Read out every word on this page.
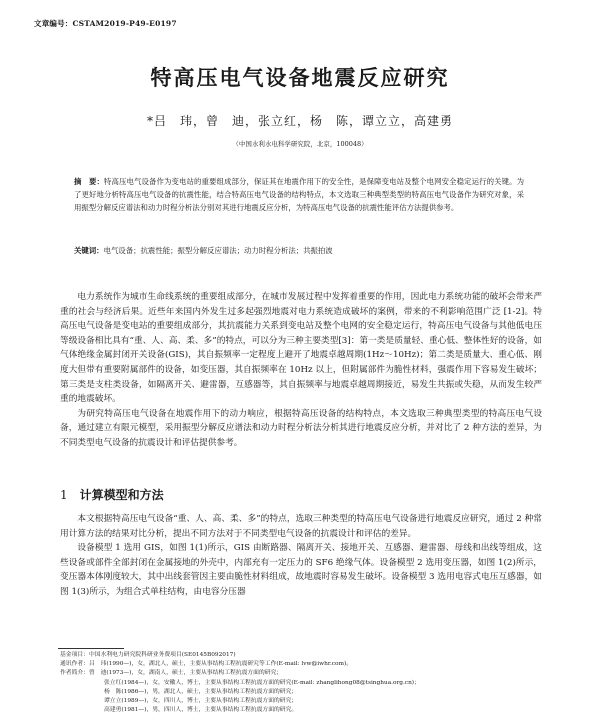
文章编号：CSTAM2019-P49-E0197
特高压电气设备地震反应研究
*吕　玮，曾　迪，张立红，杨　陈，谭立立，高建勇
（中国水利水电科学研究院，北京，100048）
摘　要：特高压电气设备作为变电站的重要组成部分，保证其在地震作用下的安全性，是保障变电站及整个电网安全稳定运行的关键。为了更好地分析特高压电气设备的抗震性能，结合特高压电气设备的结构特点，本文选取三种典型类型的特高压电气设备作为研究对象，采用振型分解反应谱法和动力时程分析法分别对其进行地震反应分析，为特高压电气设备的抗震性能评估方法提供参考。
关键词：电气设备；抗震性能；振型分解反应谱法；动力时程分析法；共振拍波

电力系统作为城市生命线系统的重要组成部分，在城市发展过程中发挥着重要的作用，因此电力系统功能的破坏会带来严重的社会与经济后果。近些年来国内外发生过多起强烈地震对电力系统造成破坏的案例，带来的不利影响范围广泛 [1-2]。特高压电气设备是变电站的重要组成部分，其抗震能力关系到变电站及整个电网的安全稳定运行，特高压电气设备与其他低电压等级设备相比具有“重、人、高、柔、多”的特点，可以分为三种主要类型[3]：第一类是质量轻、重心低、整体性好的设备，如气体绝缘金属封闭开关设备(GIS)，其自振频率一定程度上避开了地震卓越周期(1Hz～10Hz)；第二类是质量大、重心低、刚度大但带有重要附属部件的设备，如变压器，其自振频率在 10Hz 以上，但附属部件为脆性材料，强震作用下容易发生破坏；第三类是支柱类设备，如隔离开关、避雷器，互感器等，其自振频率与地震卓越周期接近，易发生共振或失稳，从而发生较严重的地震破坏。

为研究特高压电气设备在地震作用下的动力响应，根据特高压设备的结构特点，本文选取三种典型类型的特高压电气设备，通过建立有限元模型，采用振型分解反应谱法和动力时程分析法分析其进行地震反应分析，并对比了 2 种方法的差异，为不同类型电气设备的抗震设计和评估提供参考。

1 计算模型和方法

本文根据特高压电气设备“重、人、高、柔、多”的特点，选取三种类型的特高压电气设备进行地震反应研究，通过 2 种常用计算方法的结果对比分析，提出不同方法对于不同类型电气设备的抗震设计和评估的差异。

设备模型 1 选用 GIS，如图 1(1)所示，GIS 由断路器、隔离开关、接地开关、互感器、避雷器、母线和出线等组成，这些设备或部件全部封闭在金属接地的外壳中，内部充有一定压力的 SF6 绝缘气体。设备模型 2 选用变压器，如图 1(2)所示，变压器本体刚度较大，其中出线套管因主要由脆性材料组成，故地震时容易发生破坏。设备模型 3 选用电容式电压互感器，如图 1(3)所示，为组合式单柱结构，由电容分压器

基金项目：中国水利电力研究院科研业务费项目(SE0145B092017)
通讯作者：吕　玮(1990—)，女，湖北人，硕士，主要从事结构工程抗震研究等工作(E-mail: lvw@iwhr.com)。
作者简介：曾　迪(1973—)，女，湖南人，硕士，主要从事结构工程抗震方面的研究；
张立红(1984—)，女，安徽人，博士，主要从事结构工程抗震方面的研究(E-mail: zhanglihong08@tsinghua.org.cn)；
杨　陈(1986—)，男，湖北人，硕士，主要从事结构工程抗震方面的研究；
谭立立(1989—)，女，四川人，博士，主要从事结构工程抗震方面的研究；
高建勇(1981—)，男，四川人，博士，主要从事结构工程抗震方面的研究。
